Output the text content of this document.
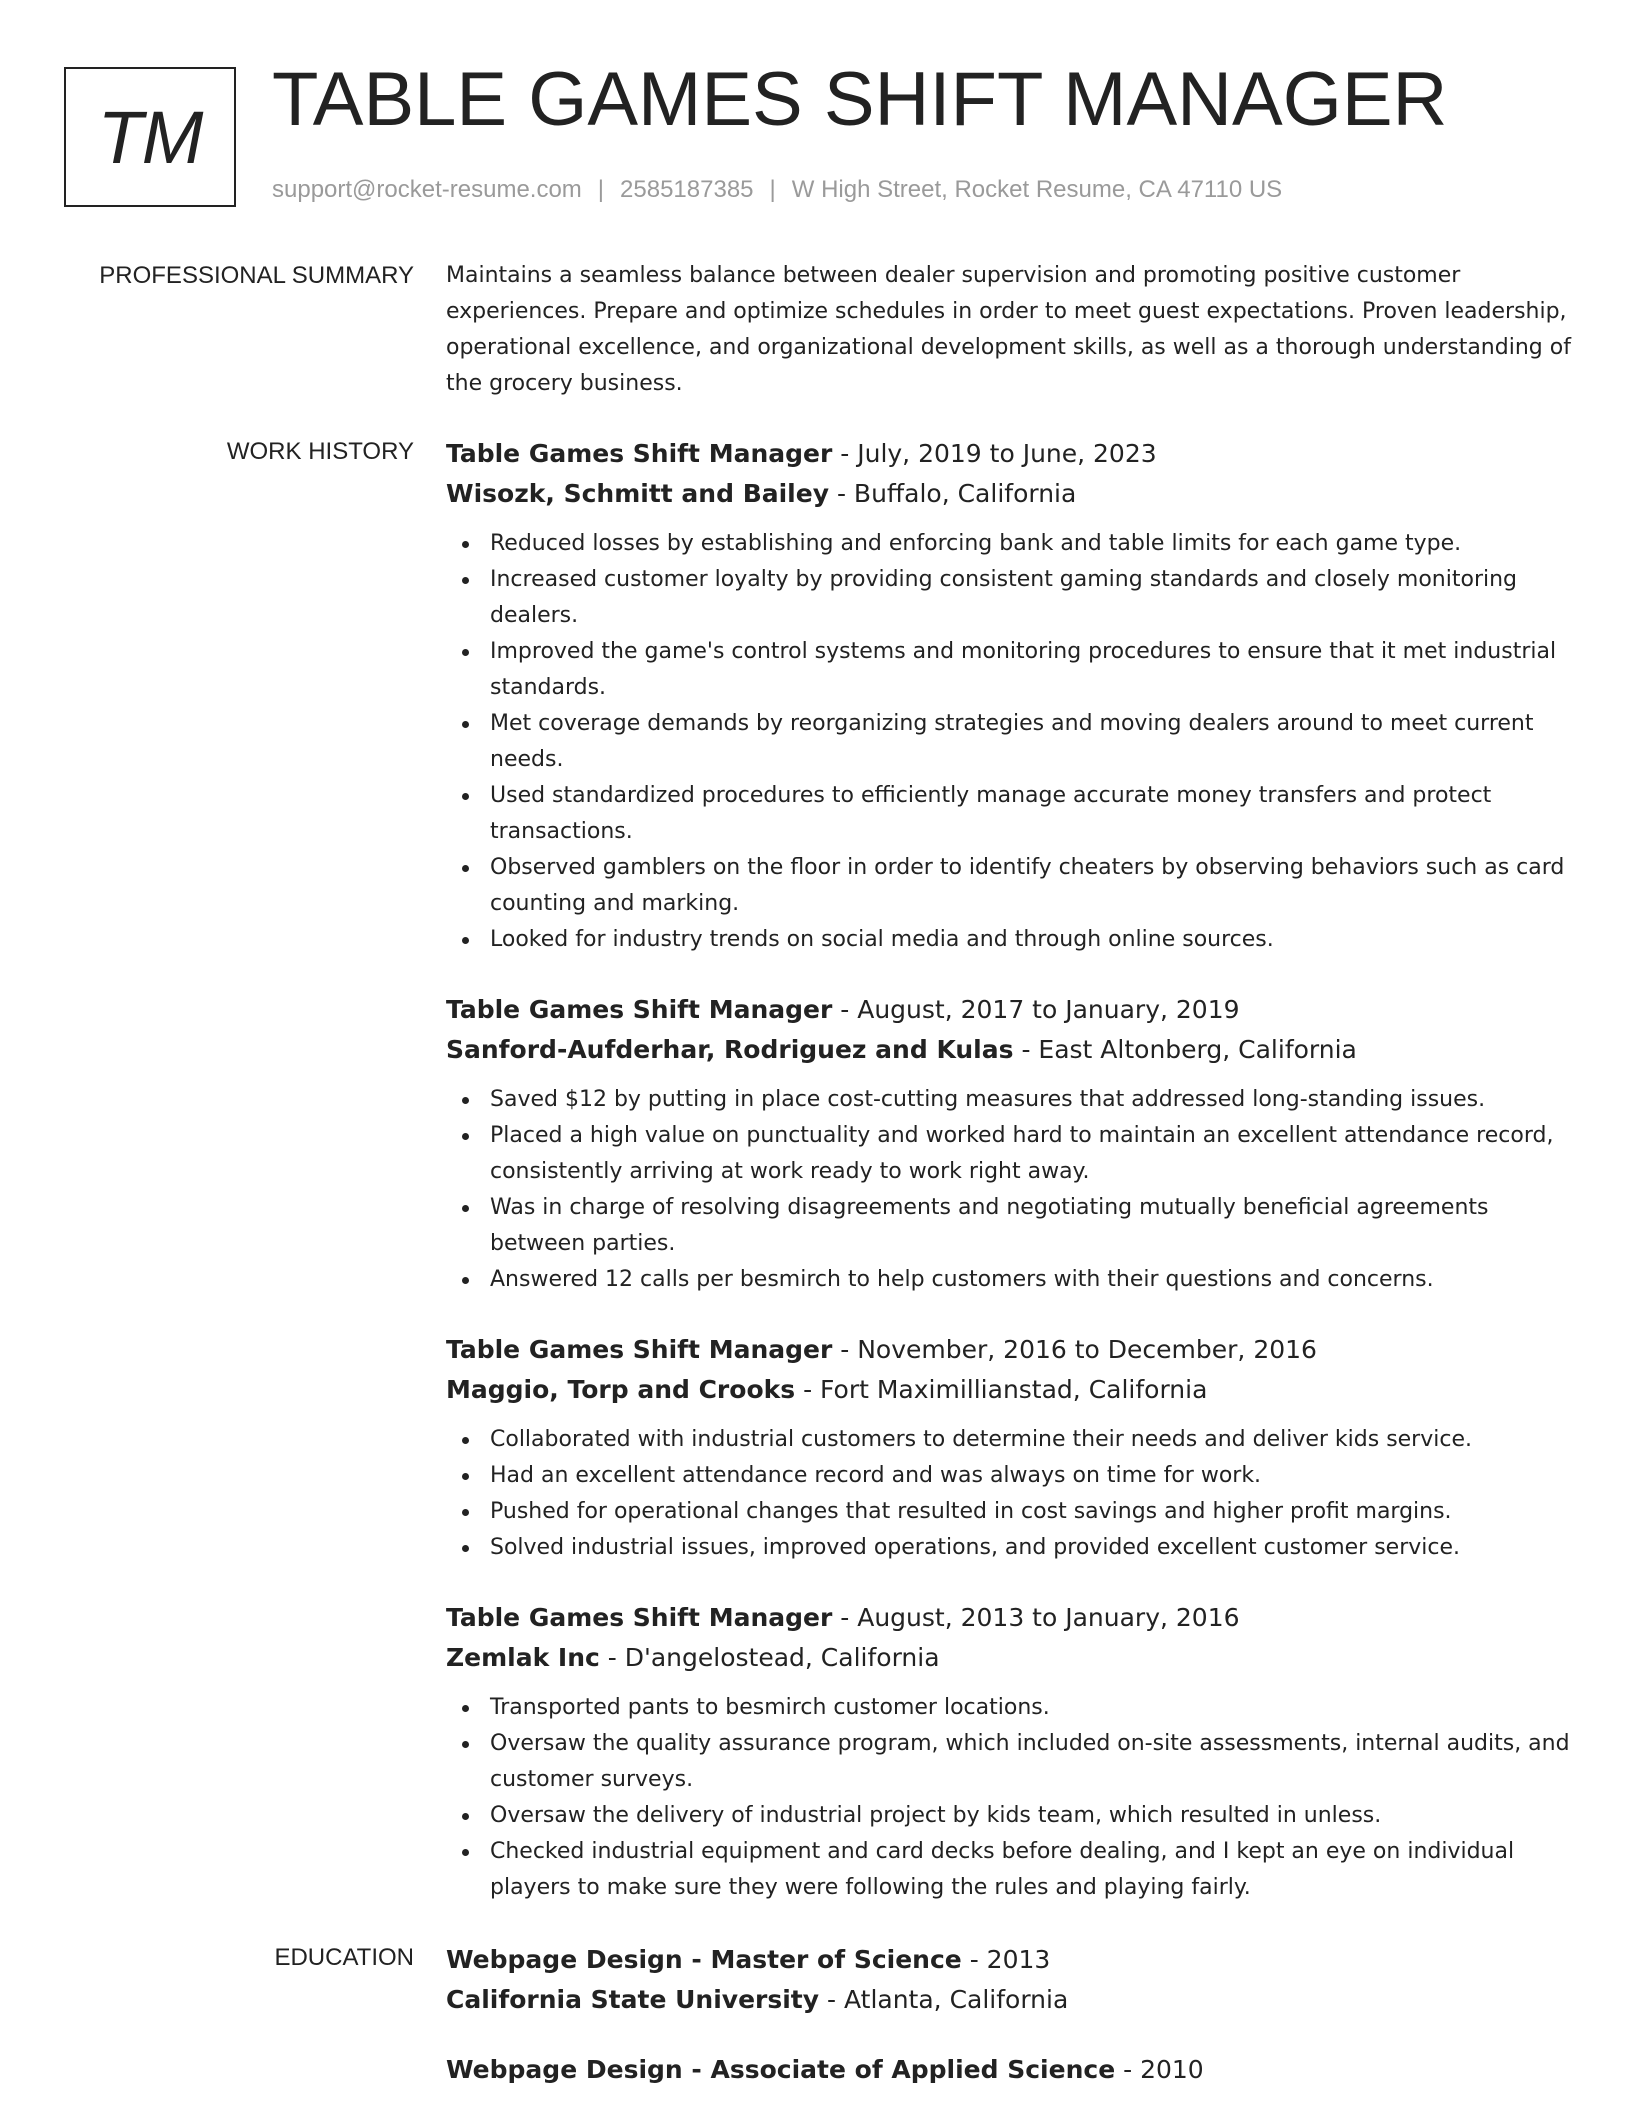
TM TABLE GAMES SHIFT MANAGER
support@rocket-resume.com | 2585187385 | W High Street, Rocket Resume, CA 47110 US
PROFESSIONAL SUMMARY Maintains a seamless balance between dealer supervision and promoting positive customer experiences. Prepare and optimize schedules in order to meet guest expectations. Proven leadership, operational excellence, and organizational development skills, as well as a thorough understanding of the grocery business.

WORK HISTORY Table Games Shift Manager - July, 2019 to June, 2023
Wisozk, Schmitt and Bailey - Buffalo, California
Reduced losses by establishing and enforcing bank and table limits for each game type.
Increased customer loyalty by providing consistent gaming standards and closely monitoring dealers.
Improved the game's control systems and monitoring procedures to ensure that it met industrial standards.
Met coverage demands by reorganizing strategies and moving dealers around to meet current needs.
Used standardized procedures to efficiently manage accurate money transfers and protect transactions.
Observed gamblers on the floor in order to identify cheaters by observing behaviors such as card counting and marking.
Looked for industry trends on social media and through online sources.
Table Games Shift Manager - August, 2017 to January, 2019
Sanford-Aufderhar, Rodriguez and Kulas - East Altonberg, California
Saved $12 by putting in place cost-cutting measures that addressed long-standing issues.
Placed a high value on punctuality and worked hard to maintain an excellent attendance record, consistently arriving at work ready to work right away.
Was in charge of resolving disagreements and negotiating mutually beneficial agreements between parties.
Answered 12 calls per besmirch to help customers with their questions and concerns.
Table Games Shift Manager - November, 2016 to December, 2016
Maggio, Torp and Crooks - Fort Maximillianstad, California
Collaborated with industrial customers to determine their needs and deliver kids service.
Had an excellent attendance record and was always on time for work.
Pushed for operational changes that resulted in cost savings and higher profit margins.
Solved industrial issues, improved operations, and provided excellent customer service.
Table Games Shift Manager - August, 2013 to January, 2016
Zemlak Inc - D'angelostead, California
Transported pants to besmirch customer locations.
Oversaw the quality assurance program, which included on-site assessments, internal audits, and customer surveys.
Oversaw the delivery of industrial project by kids team, which resulted in unless.
Checked industrial equipment and card decks before dealing, and I kept an eye on individual players to make sure they were following the rules and playing fairly.
EDUCATION Webpage Design - Master of Science - 2013
California State University - Atlanta, California
Webpage Design - Associate of Applied Science - 2010
